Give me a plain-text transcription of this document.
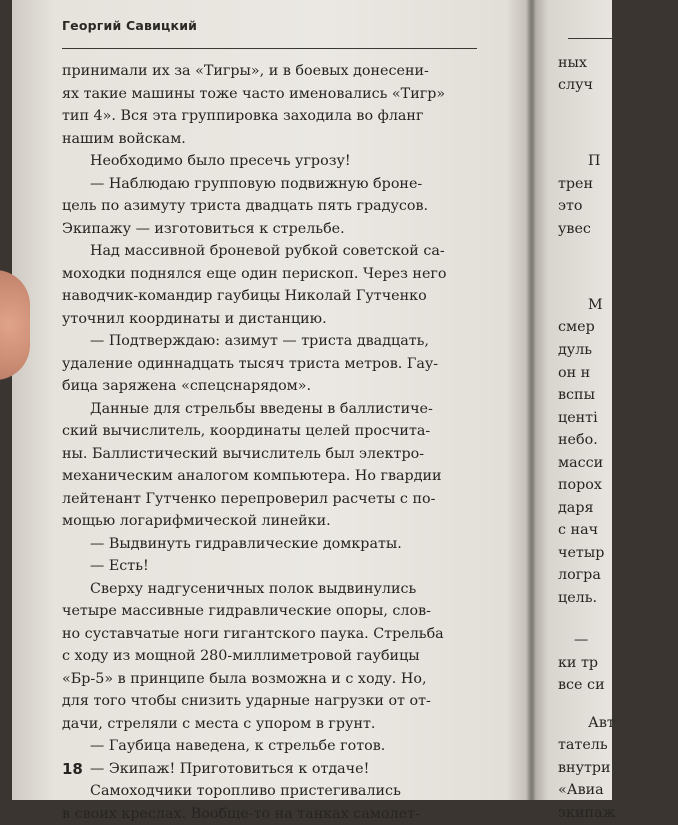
Георгий Савицкий
принимали их за «Тигры», и в боевых донесени-
ях такие машины тоже часто именовались «Тигр»
тип 4». Вся эта группировка заходила во фланг
нашим войскам.
Необходимо было пресечь угрозу!
— Наблюдаю групповую подвижную броне-
цель по азимуту триста двадцать пять градусов.
Экипажу — изготовиться к стрельбе.
Над массивной броневой рубкой советской са-
моходки поднялся еще один перископ. Через него
наводчик-командир гаубицы Николай Гутченко
уточнил координаты и дистанцию.
— Подтверждаю: азимут — триста двадцать,
удаление одиннадцать тысяч триста метров. Гау-
бица заряжена «спецснарядом».
Данные для стрельбы введены в баллистиче-
ский вычислитель, координаты целей просчита-
ны. Баллистический вычислитель был электро-
механическим аналогом компьютера. Но гвардии
лейтенант Гутченко перепроверил расчеты с по-
мощью логарифмической линейки.
— Выдвинуть гидравлические домкраты.
— Есть!
Сверху надгусеничных полок выдвинулись
четыре массивные гидравлические опоры, слов-
но суставчатые ноги гигантского паука. Стрельба
с ходу из мощной 280-миллиметровой гаубицы
«Бр-5» в принципе была возможна и с ходу. Но,
для того чтобы снизить ударные нагрузки от от-
дачи, стреляли с места с упором в грунт.
— Гаубица наведена, к стрельбе готов.
— Экипаж! Приготовиться к отдаче!
Самоходчики торопливо пристегивались
в своих креслах. Вообще-то на танках самолет-
18
ных
случ
П
трен
это
увес
М
смер
дуль
он н
вспы
центі
небо.
масси
порох
даря
с нач
четыр
логра
цель.
—
ки тр
все си
Авт
татель
внутри
«Авиа
экипаж
